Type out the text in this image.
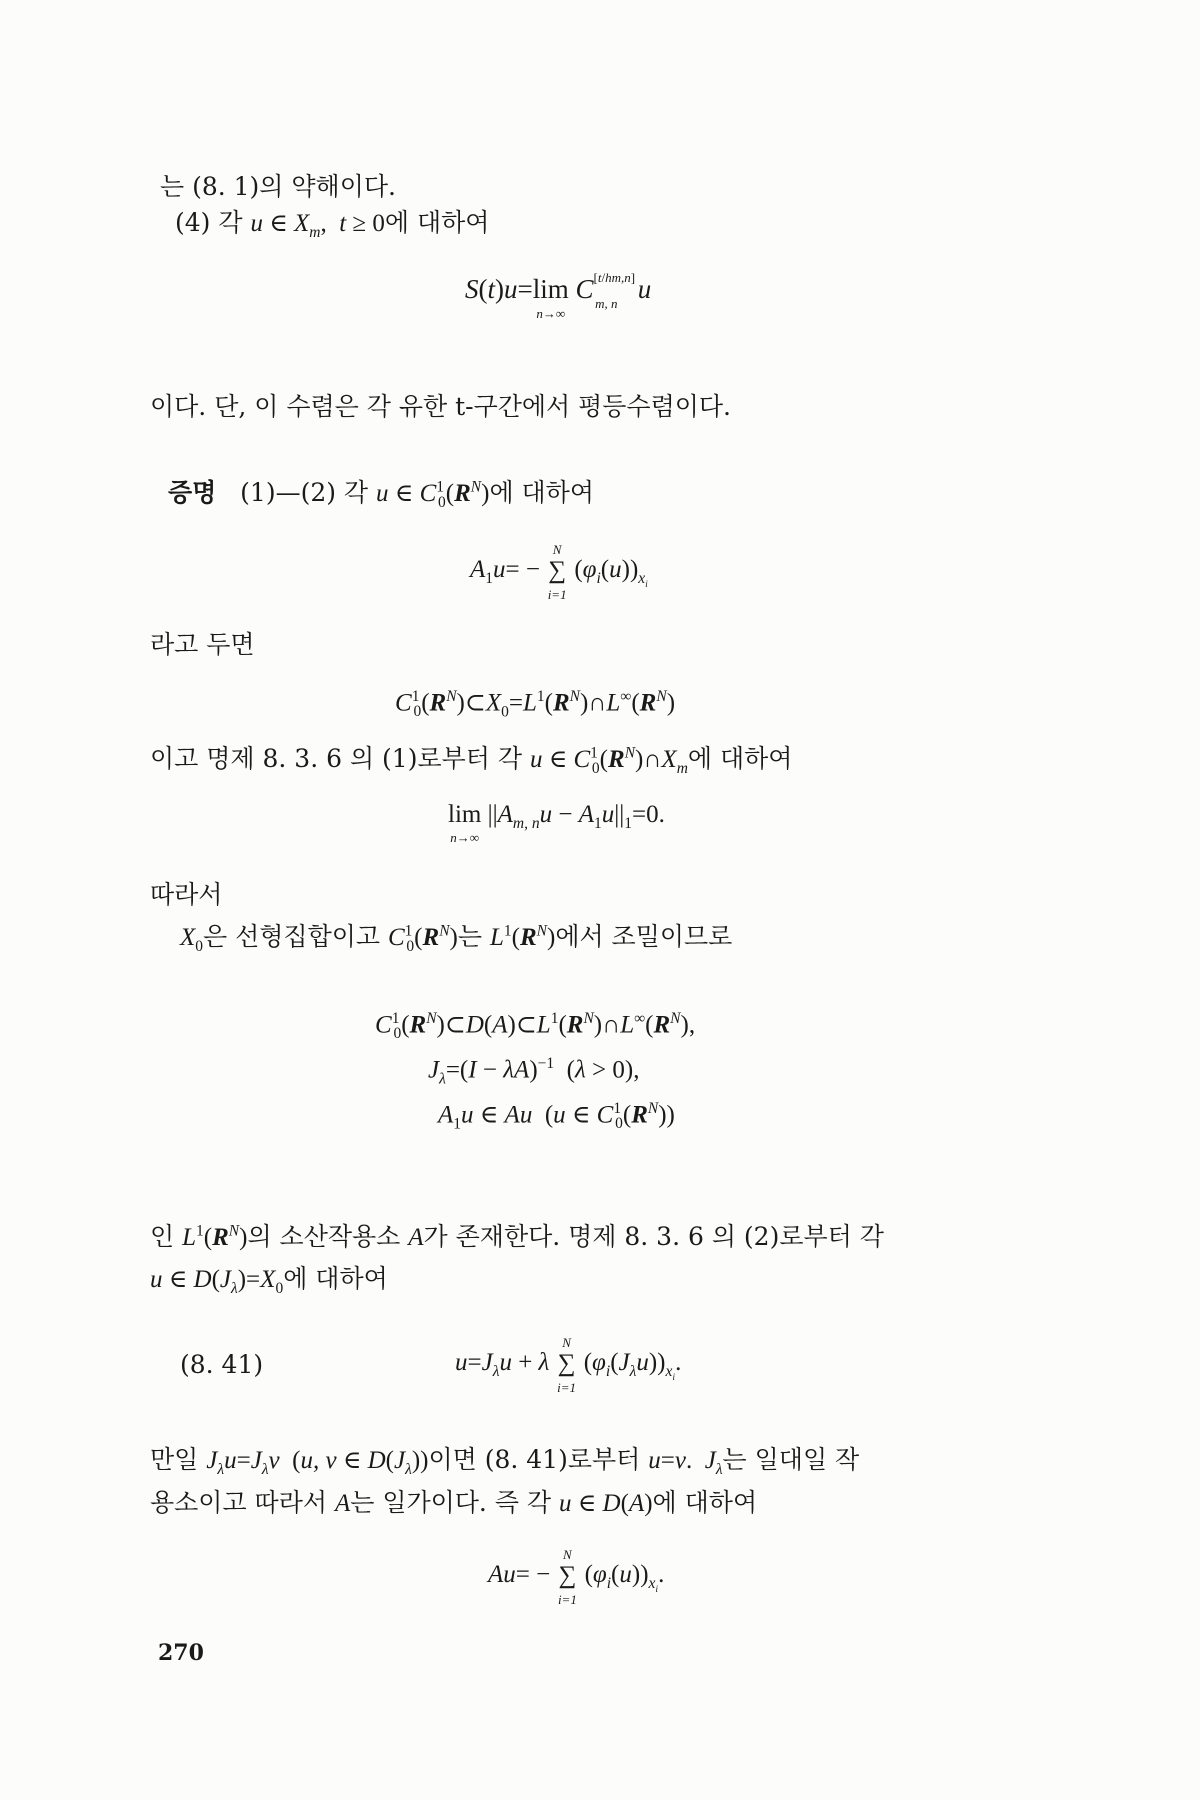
는 (8. 1)의 약해이다.
(4) 각 u ∈ $X_m$,  t ≥ 0에 대하여
S(t)u=lim
n→∞
$C[t/hm,n]_{m, n}$ u
이다. 단, 이 수렴은 각 유한 t-구간에서 평등수렴이다.
증명 (1)—(2) 각 u ∈ $C^1_0(R^N)$에 대하여
$A_1u=$ − ∑
N
i=1
$(\varphi_i(u))_{x_i}$
라고 두면
$C^1_0(R^N)\subset X_0=L^1(R^N)\cap L^\infty(R^N)$
이고 명제 8. 3. 6 의 (1)로부터 각 u ∈ $C^1_0(R^N)\cap X_m$에 대하여
lim
n→∞
$||A_{m, n}u - A_1u||_1=0$.
따라서
$X_0$은 선형집합이고 $C^1_0(R^N)$는 $L^1(R^N)$에서 조밀이므로
$C^1_0(R^N)\subset D(A)\subset L^1(R^N)\cap L^\infty(R^N)$,
$J_\lambda=(I - \lambda A)^{-1}$  (λ > 0),
$A_1u$ ∈ Au  (u ∈ $C^1_0(R^N)$)
인 $L^1(R^N)$의 소산작용소 A가 존재한다. 명제 8. 3. 6 의 (2)로부터 각
u ∈ $D(J_\lambda)=X_0$에 대하여
(8. 41)	$u=J_\lambda u + \lambda$ ∑
N
i=1
$(\varphi_i(J_\lambda u))_{x_i}$.
만일 $J_\lambda u=J_\lambda v$  (u, v ∈ $D(J_\lambda)$)이면 (8. 41)로부터 u=v.  $J_\lambda$는 일대일 작
용소이고 따라서 A는 일가이다. 즉 각 u ∈ D(A)에 대하여
Au= − ∑
N
i=1
$(\varphi_i(u))_{x_i}$.
270
